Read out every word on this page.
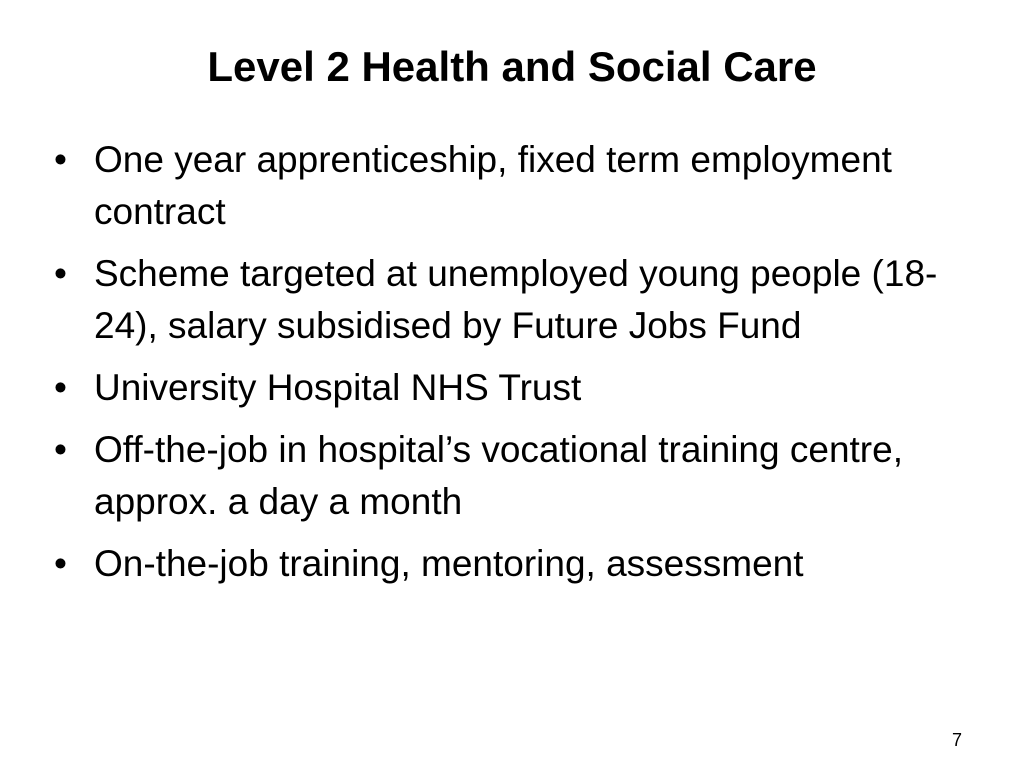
Level 2 Health and Social Care
• One year apprenticeship, fixed term employment contract
• Scheme targeted at unemployed young people (18-24), salary subsidised by Future Jobs Fund
• University Hospital NHS Trust
• Off-the-job in hospital’s vocational training centre, approx. a day a month
• On-the-job training, mentoring, assessment
7
